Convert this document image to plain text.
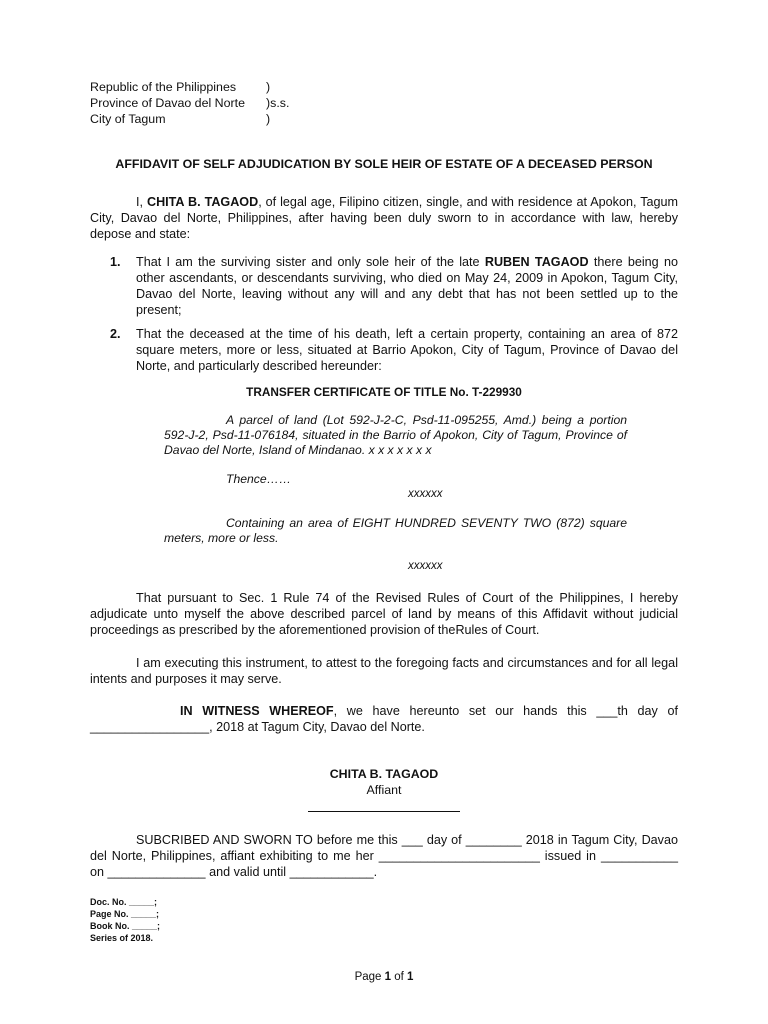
Republic of the Philippines	)
Province of Davao del Norte	)s.s.
City of Tagum	)
AFFIDAVIT OF SELF ADJUDICATION BY SOLE HEIR OF ESTATE OF A DECEASED PERSON

I, CHITA B. TAGAOD, of legal age, Filipino citizen, single, and with residence at Apokon, Tagum City, Davao del Norte, Philippines, after having been duly sworn to in accordance with law, hereby depose and state:

1.	That I am the surviving sister and only sole heir of the late RUBEN TAGAOD there being no other ascendants, or descendants surviving, who died on May 24, 2009 in Apokon, Tagum City, Davao del Norte, leaving without any will and any debt that has not been settled up to the present;
2.	That the deceased at the time of his death, left a certain property, containing an area of 872 square meters, more or less, situated at Barrio Apokon, City of Tagum, Province of Davao del Norte, and particularly described hereunder:
TRANSFER CERTIFICATE OF TITLE No. T-229930

A parcel of land (Lot 592-J-2-C, Psd-11-095255, Amd.) being a portion 592-J-2, Psd-11-076184, situated in the Barrio of Apokon, City of Tagum, Province of Davao del Norte, Island of Mindanao. x x x x x x x

Thence……

xxxxxx

Containing an area of EIGHT HUNDRED SEVENTY TWO (872) square meters, more or less.

xxxxxx

That pursuant to Sec. 1 Rule 74 of the Revised Rules of Court of the Philippines, I hereby adjudicate unto myself the above described parcel of land by means of this Affidavit without judicial proceedings as prescribed by the aforementioned provision of theRules of Court.

I am executing this instrument, to attest to the foregoing facts and circumstances and for all legal intents and purposes it may serve.

IN WITNESS WHEREOF, we have hereunto set our hands this ___th day of _________________, 2018 at Tagum City, Davao del Norte.

CHITA B. TAGAOD
Affiant

SUBCRIBED AND SWORN TO before me this ___ day of ________ 2018 in Tagum City, Davao del Norte, Philippines, affiant exhibiting to me her _______________________ issued in ___________ on ______________ and valid until ____________.

Doc. No. _____;
Page No. _____;
Book No. _____;
Series of 2018.
Page 1 of 1
